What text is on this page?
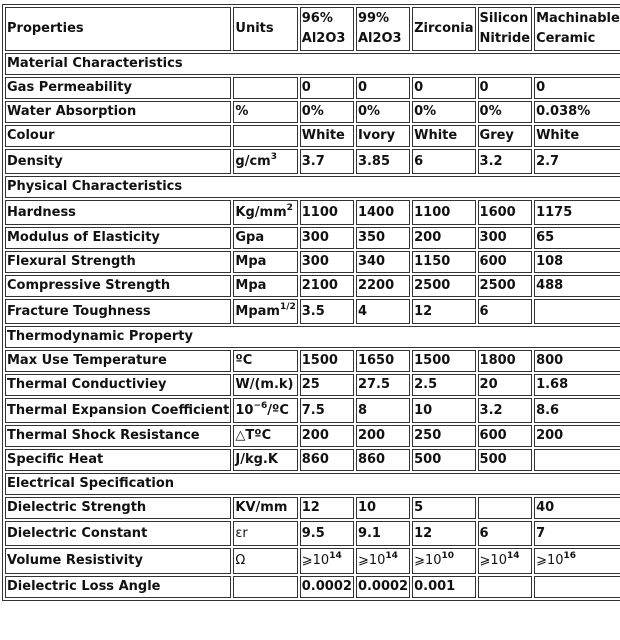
Properties	Units	96% Al2O3	99% Al2O3	Zirconia	Silicon Nitride	Machinable Ceramic
Material Characteristics						
Gas Permeability		0	0	0	0	0
Water Absorption	%	0%	0%	0%	0%	0.038%
Colour		White	Ivory	White	Grey	White
Density	$g/cm^3$	3.7	3.85	6	3.2	2.7
Physical Characteristics						
Hardness	$Kg/mm^2$	1100	1400	1100	1600	1175
Modulus of Elasticity	Gpa	300	350	200	300	65
Flexural Strength	Mpa	300	340	1150	600	108
Compressive Strength	Mpa	2100	2200	2500	2500	488
Fracture Toughness	Mpam$^{1/2}$	3.5	4	12	6	
Thermodynamic Property						
Max Use Temperature	ºC	1500	1650	1500	1800	800
Thermal Conductiviey	W/(m.k)	25	27.5	2.5	20	1.68
Thermal Expansion Coefficient	$10^{-6}/ºC$	7.5	8	10	3.2	8.6
Thermal Shock Resistance	△TºC	200	200	250	600	200
Specific Heat	J/kg.K	860	860	500	500	
Electrical Specification						
Dielectric Strength	KV/mm	12	10	5		40
Dielectric Constant	εr	9.5	9.1	12	6	7
Volume Resistivity	Ω	$⩾10^{14}$	$⩾10^{14}$	$⩾10^{10}$	$⩾10^{14}$	$⩾10^{16}$
Dielectric Loss Angle		0.0002	0.0002	0.001		
